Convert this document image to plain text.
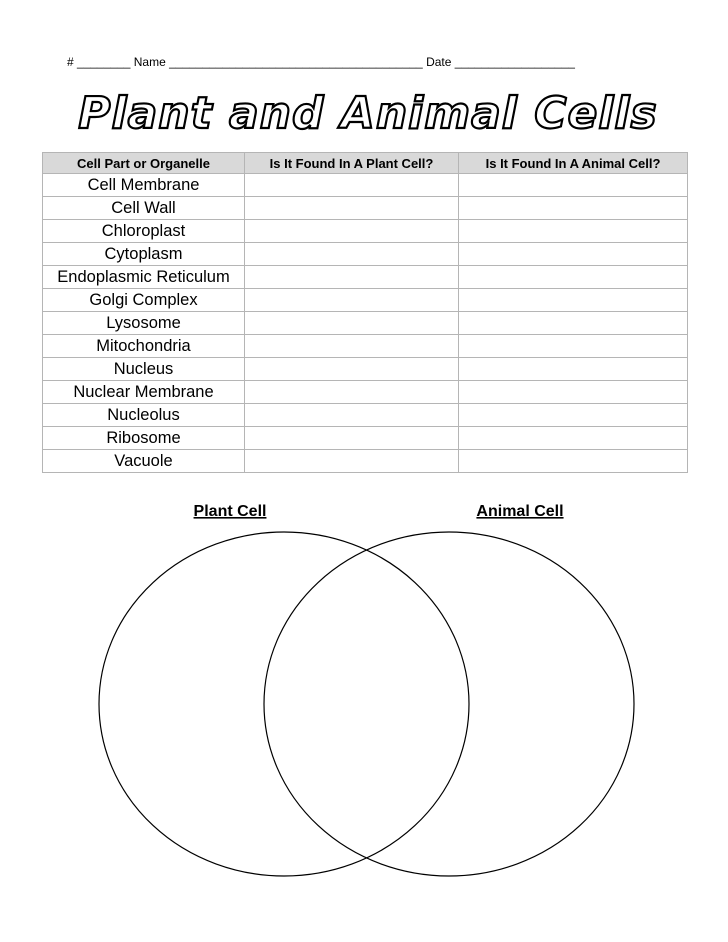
# ________ Name ______________________________________ Date __________________
Plant and Animal Cells
Cell Part or Organelle	Is It Found In A Plant Cell?	Is It Found In A Animal Cell?
Cell Membrane		
Cell Wall		
Chloroplast		
Cytoplasm		
Endoplasmic Reticulum		
Golgi Complex		
Lysosome		
Mitochondria		
Nucleus		
Nuclear Membrane		
Nucleolus		
Ribosome		
Vacuole		
Plant Cell	Animal Cell
